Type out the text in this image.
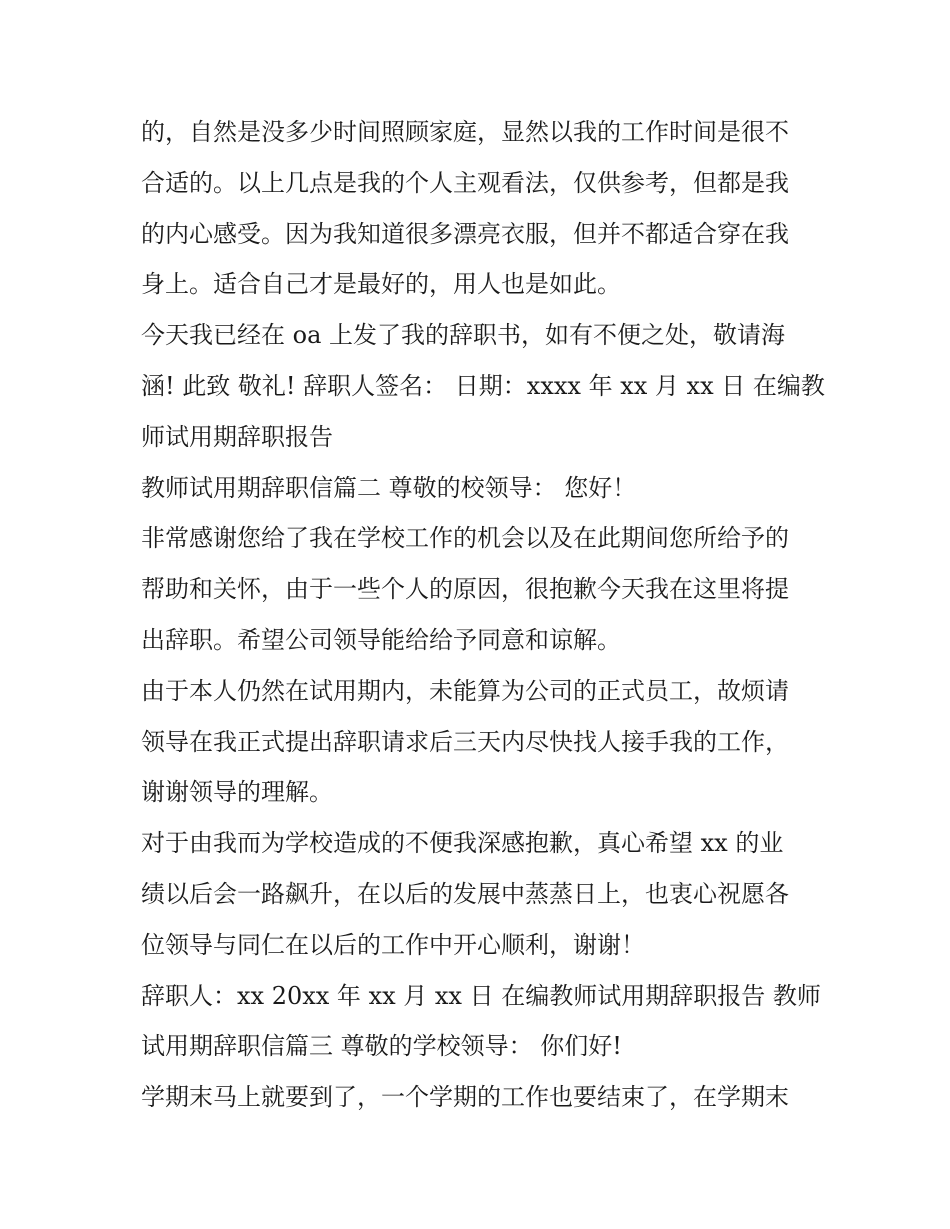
的，自然是没多少时间照顾家庭，显然以我的工作时间是很不
合适的。以上几点是我的个人主观看法，仅供参考，但都是我
的内心感受。因为我知道很多漂亮衣服，但并不都适合穿在我
身上。适合自己才是最好的，用人也是如此。
今天我已经在 oa 上发了我的辞职书，如有不便之处，敬请海
涵! 此致 敬礼! 辞职人签名： 日期：xxxx 年 xx 月 xx 日 在编教
师试用期辞职报告
教师试用期辞职信篇二 尊敬的校领导： 您好！
非常感谢您给了我在学校工作的机会以及在此期间您所给予的
帮助和关怀，由于一些个人的原因，很抱歉今天我在这里将提
出辞职。希望公司领导能给给予同意和谅解。
由于本人仍然在试用期内，未能算为公司的正式员工，故烦请
领导在我正式提出辞职请求后三天内尽快找人接手我的工作，
谢谢领导的理解。
对于由我而为学校造成的不便我深感抱歉，真心希望 xx 的业
绩以后会一路飙升，在以后的发展中蒸蒸日上，也衷心祝愿各
位领导与同仁在以后的工作中开心顺利，谢谢！
辞职人：xx 20xx 年 xx 月 xx 日 在编教师试用期辞职报告 教师
试用期辞职信篇三 尊敬的学校领导： 你们好!
学期末马上就要到了，一个学期的工作也要结束了，在学期末
